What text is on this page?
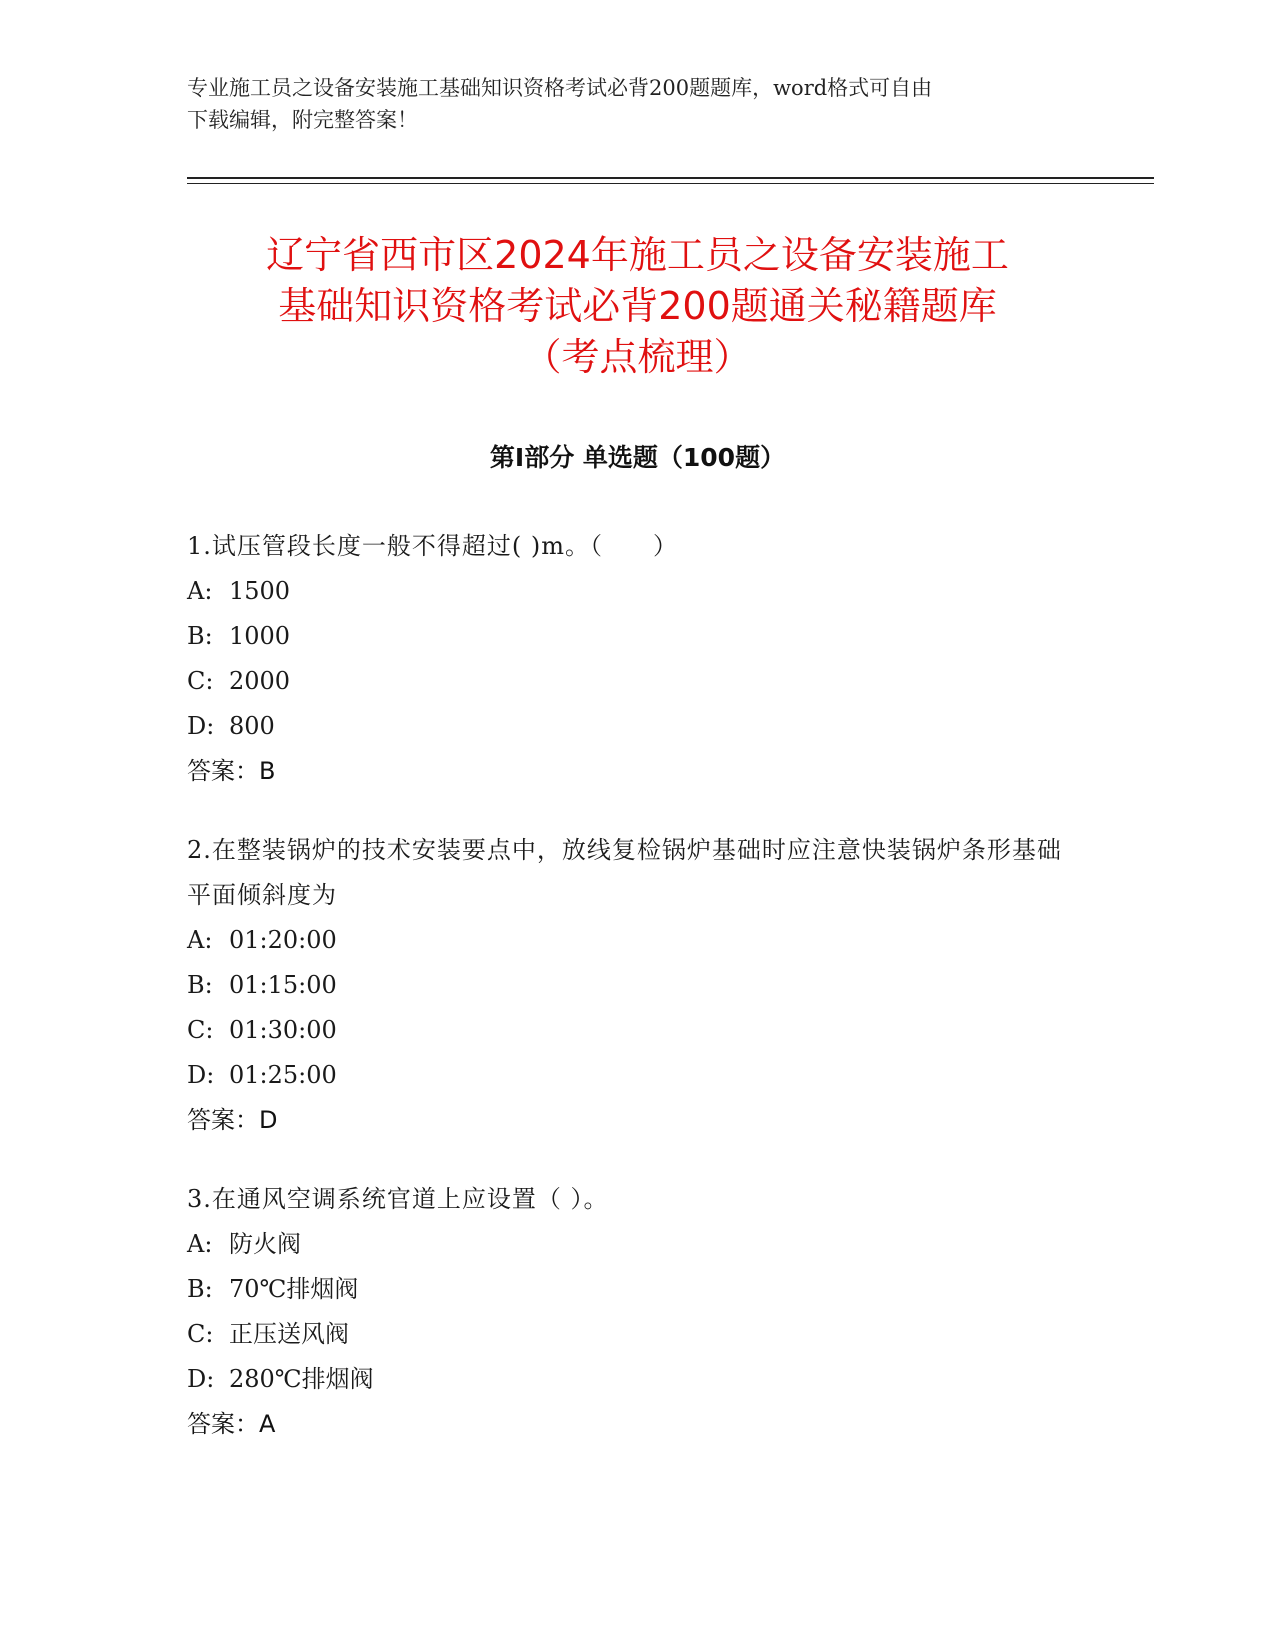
专业施工员之设备安装施工基础知识资格考试必背200题题库，word格式可自由
下载编辑，附完整答案！
辽宁省西市区2024年施工员之设备安装施工
基础知识资格考试必背200题通关秘籍题库
（考点梳理）
第Ⅰ部分 单选题（100题）
1.试压管段长度一般不得超过( )m。（　　）
A: 1500
B: 1000
C: 2000
D: 800
答案：B
2.在整装锅炉的技术安装要点中，放线复检锅炉基础时应注意快装锅炉条形基础平面倾斜度为
A: 01:20:00
B: 01:15:00
C: 01:30:00
D: 01:25:00
答案：D
3.在通风空调系统官道上应设置（ ）。
A: 防火阀
B: 70℃排烟阀
C: 正压送风阀
D: 280℃排烟阀
答案：A
